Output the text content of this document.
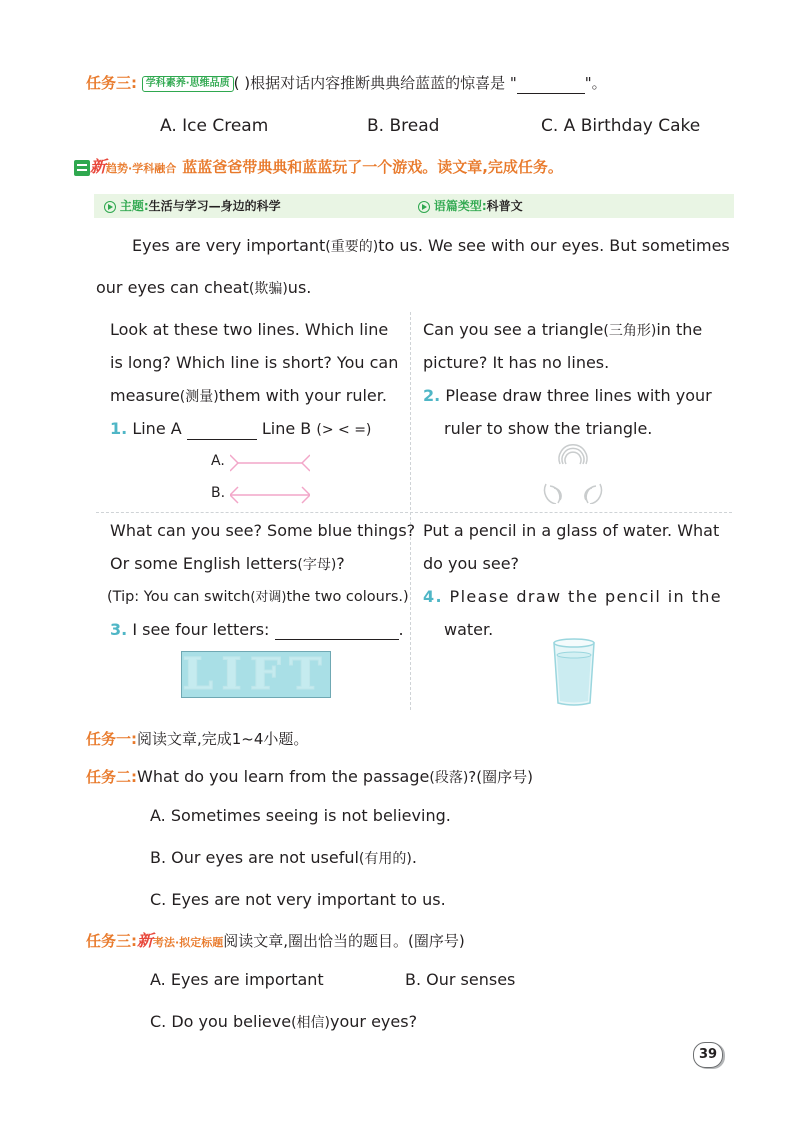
任务三: 学科素养·思维品质 ( )根据对话内容推断典典给蓝蓝的惊喜是 "	"。
A. Ice Cream	B. Bread	C. A Birthday Cake
新趋势·学科融合 蓝蓝爸爸带典典和蓝蓝玩了一个游戏。读文章,完成任务。
主题:生活与学习—身边的科学	语篇类型:科普文
Eyes are very important(重要的)to us. We see with our eyes. But sometimes
our eyes can cheat(欺骗)us.
Look at these two lines. Which line
is long? Which line is short? You can
measure(测量)them with your ruler.
1. Line A	Line B (> < =)
A.
B.
Can you see a triangle(三角形)in the
picture? It has no lines.
2. Please draw three lines with your
ruler to show the triangle.
What can you see? Some blue things?
Or some English letters(字母)?
(Tip: You can switch(对调)the two colours.)
3. I see four letters:	.
LIFT
Put a pencil in a glass of water. What
do you see?
4. Please draw the pencil in the
water.
任务一:阅读文章,完成1~4小题。
任务二:What do you learn from the passage(段落)?(圈序号)
A. Sometimes seeing is not believing.
B. Our eyes are not useful(有用的).
C. Eyes are not very important to us.
任务三:新考法·拟定标题阅读文章,圈出恰当的题目。(圈序号)
A. Eyes are important	B. Our senses
C. Do you believe(相信)your eyes?
39
